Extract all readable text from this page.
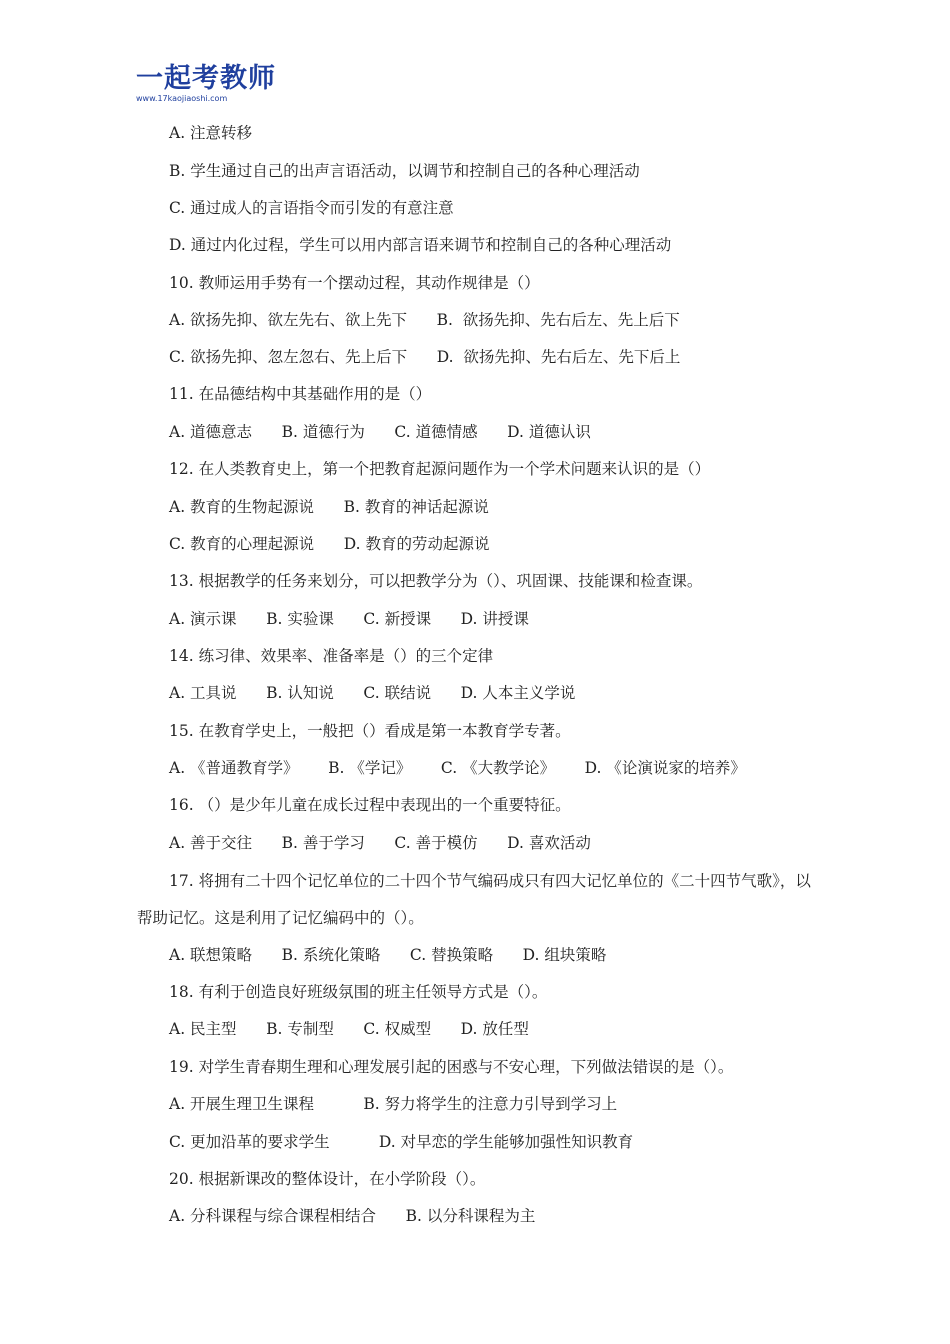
一起考教师
www.17kaojiaoshi.com
A. 注意转移
B. 学生通过自己的出声言语活动，以调节和控制自己的各种心理活动
C. 通过成人的言语指令而引发的有意注意
D. 通过内化过程，学生可以用内部言语来调节和控制自己的各种心理活动
10. 教师运用手势有一个摆动过程，其动作规律是（）
A. 欲扬先抑、欲左先右、欲上先下      B.  欲扬先抑、先右后左、先上后下
C. 欲扬先抑、忽左忽右、先上后下      D.  欲扬先抑、先右后左、先下后上
11. 在品德结构中其基础作用的是（）
A. 道德意志      B. 道德行为      C. 道德情感      D. 道德认识
12. 在人类教育史上，第一个把教育起源问题作为一个学术问题来认识的是（）
A. 教育的生物起源说      B. 教育的神话起源说
C. 教育的心理起源说      D. 教育的劳动起源说
13. 根据教学的任务来划分，可以把教学分为（）、巩固课、技能课和检查课。
A. 演示课      B. 实验课      C. 新授课      D. 讲授课
14. 练习律、效果率、准备率是（）的三个定律
A. 工具说      B. 认知说      C. 联结说      D. 人本主义学说
15. 在教育学史上，一般把（）看成是第一本教育学专著。
A. 《普通教育学》      B. 《学记》      C. 《大教学论》      D. 《论演说家的培养》
16. （）是少年儿童在成长过程中表现出的一个重要特征。
A. 善于交往      B. 善于学习      C. 善于模仿      D. 喜欢活动
17. 将拥有二十四个记忆单位的二十四个节气编码成只有四大记忆单位的《二十四节气歌》，以帮助记忆。这是利用了记忆编码中的（）。
A. 联想策略      B. 系统化策略      C. 替换策略      D. 组块策略
18. 有利于创造良好班级氛围的班主任领导方式是（）。
A. 民主型      B. 专制型      C. 权威型      D. 放任型
19. 对学生青春期生理和心理发展引起的困惑与不安心理，下列做法错误的是（）。
A. 开展生理卫生课程          B. 努力将学生的注意力引导到学习上
C. 更加沿革的要求学生          D. 对早恋的学生能够加强性知识教育
20. 根据新课改的整体设计，在小学阶段（）。
A. 分科课程与综合课程相结合      B. 以分科课程为主
